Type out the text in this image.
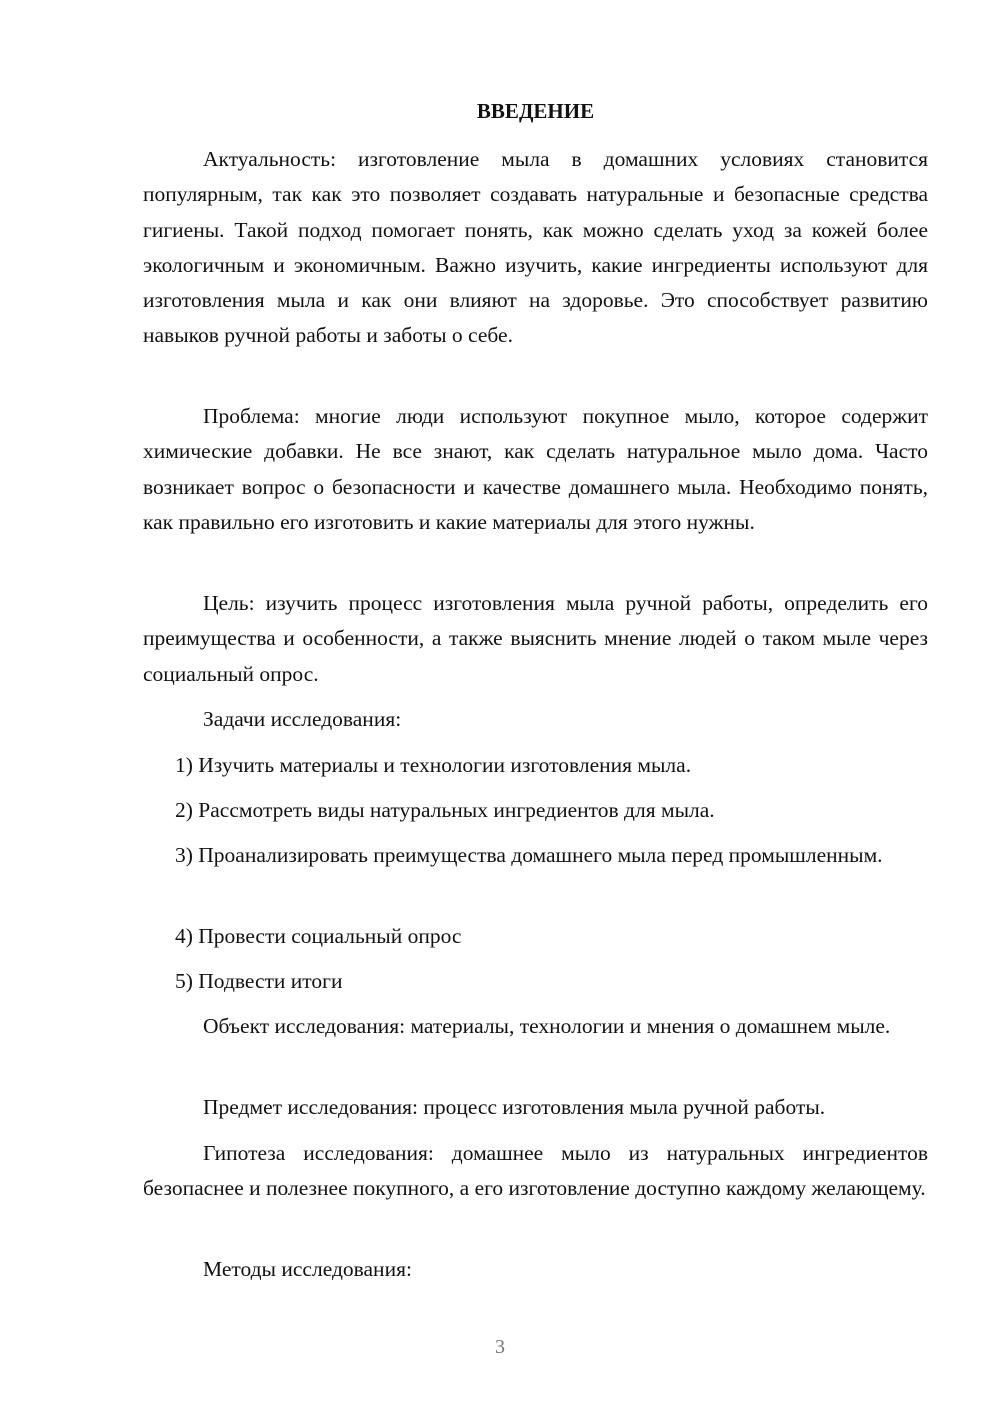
ВВЕДЕНИЕ

Актуальность: изготовление мыла в домашних условиях становится популярным, так как это позволяет создавать натуральные и безопасные средства гигиены. Такой подход помогает понять, как можно сделать уход за кожей более экологичным и экономичным. Важно изучить, какие ингредиенты используют для изготовления мыла и как они влияют на здоровье. Это способствует развитию навыков ручной работы и заботы о себе.

Проблема: многие люди используют покупное мыло, которое содержит химические добавки. Не все знают, как сделать натуральное мыло дома. Часто возникает вопрос о безопасности и качестве домашнего мыла. Необходимо понять, как правильно его изготовить и какие материалы для этого нужны.

Цель: изучить процесс изготовления мыла ручной работы, определить его преимущества и особенности, а также выяснить мнение людей о таком мыле через социальный опрос.

Задачи исследования:

1) Изучить материалы и технологии изготовления мыла.

2) Рассмотреть виды натуральных ингредиентов для мыла.

3) Проанализировать преимущества домашнего мыла перед промышленным.

4) Провести социальный опрос

5) Подвести итоги

Объект исследования: материалы, технологии и мнения о домашнем мыле.

Предмет исследования: процесс изготовления мыла ручной работы.

Гипотеза исследования: домашнее мыло из натуральных ингредиентов безопаснее и полезнее покупного, а его изготовление доступно каждому желающему.

Методы исследования:

3
